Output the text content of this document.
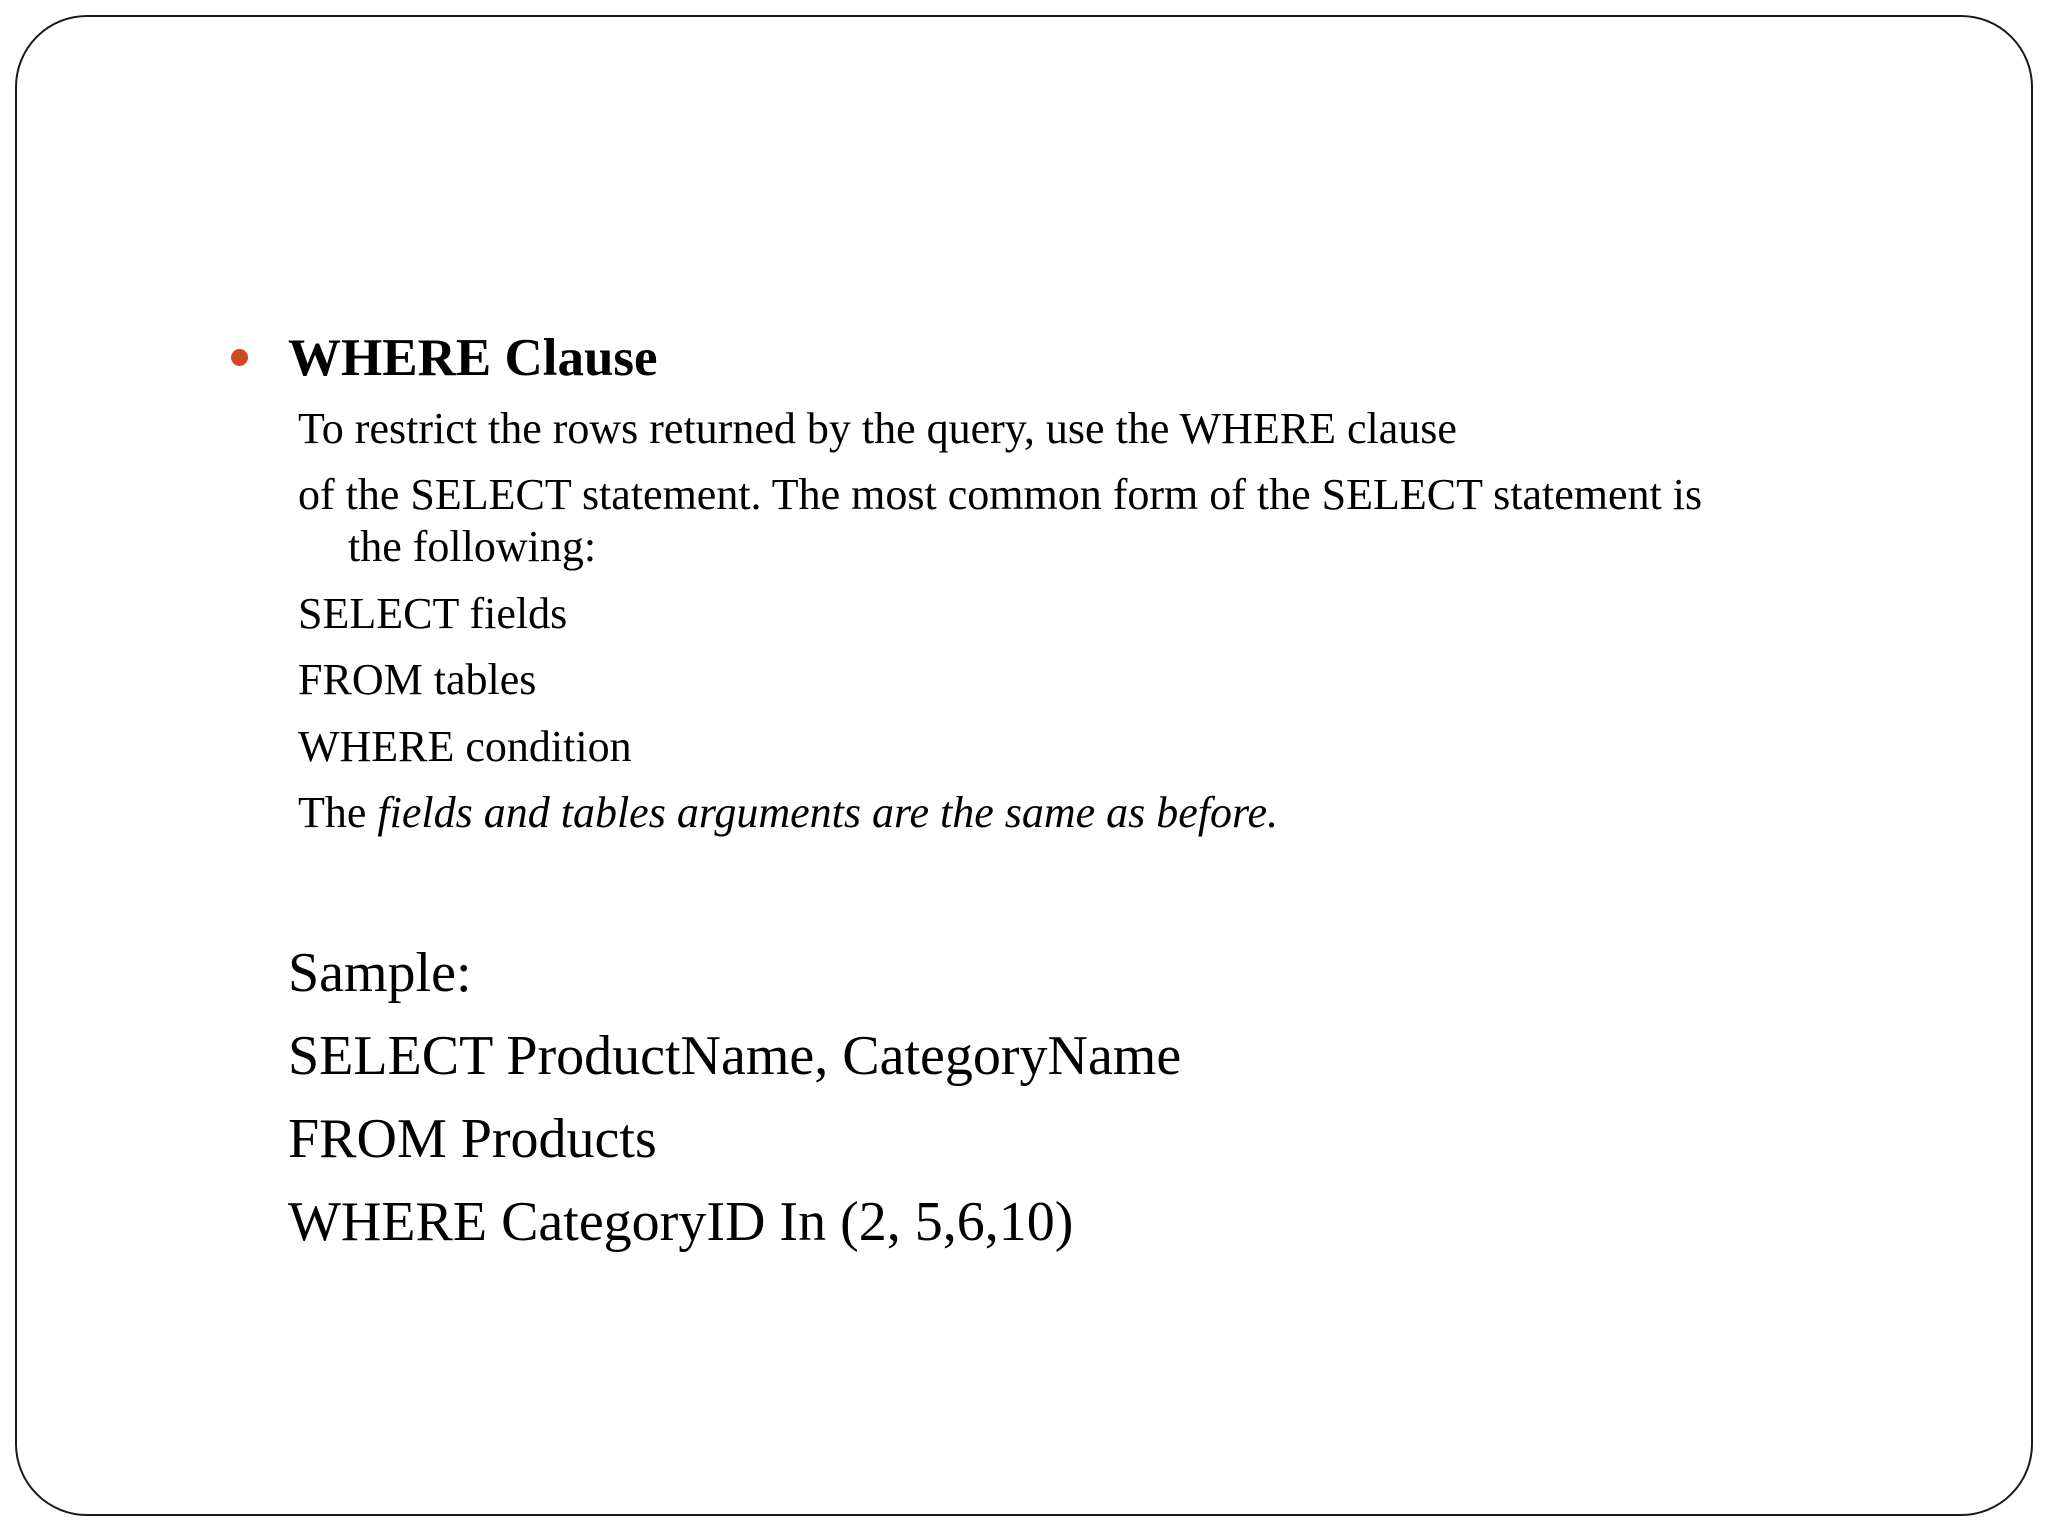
WHERE Clause
To restrict the rows returned by the query, use the WHERE clause
of the SELECT statement. The most common form of the SELECT statement is
the following:
SELECT fields
FROM tables
WHERE condition
The fields and tables arguments are the same as before.
Sample:
SELECT ProductName, CategoryName
FROM Products
WHERE CategoryID In (2, 5,6,10)
